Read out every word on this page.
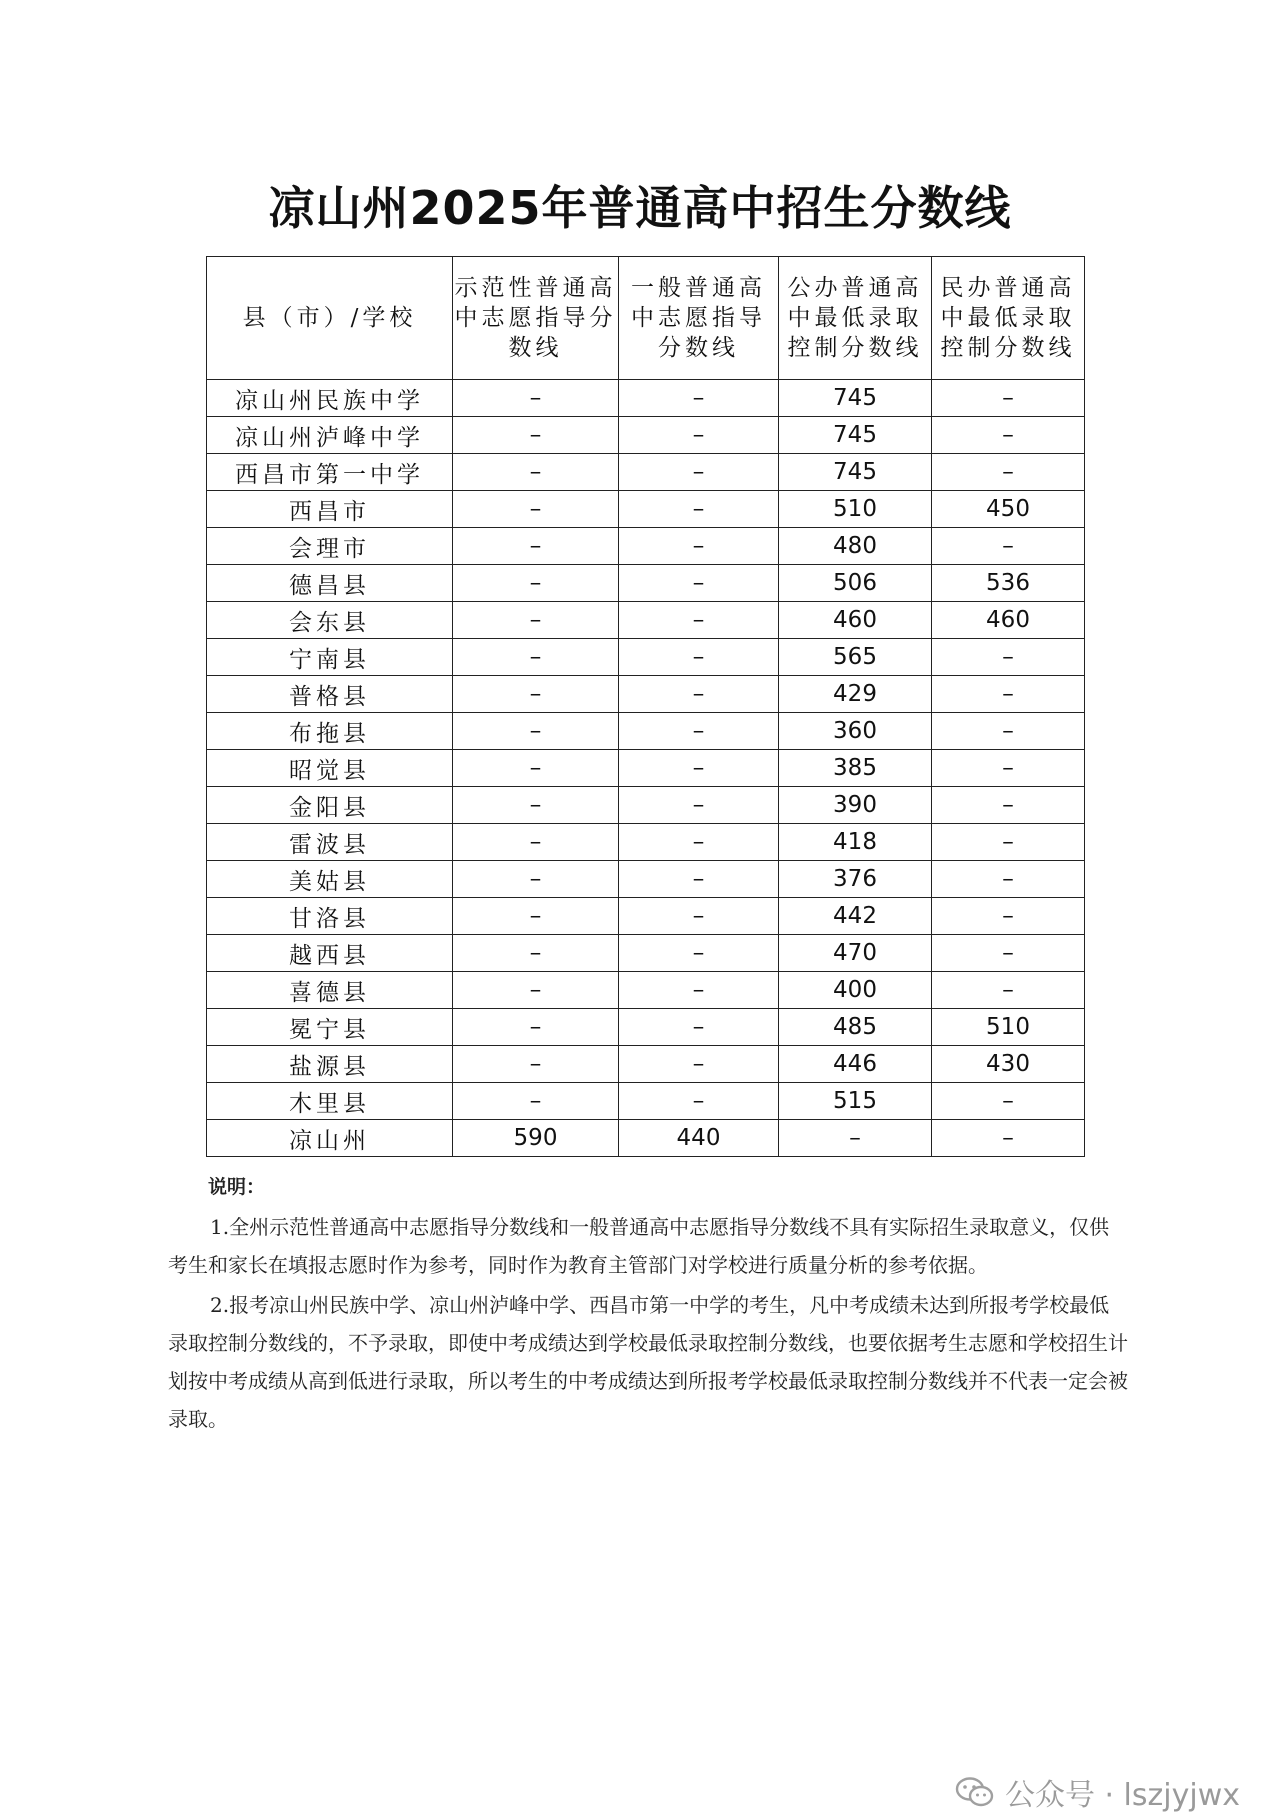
凉山州2025年普通高中招生分数线
县（市）/学校	示范性普通高中志愿指导分数线	一般普通高中志愿指导分数线	公办普通高中最低录取控制分数线	民办普通高中最低录取控制分数线
凉山州民族中学	–	–	745	–
凉山州泸峰中学	–	–	745	–
西昌市第一中学	–	–	745	–
西昌市	–	–	510	450
会理市	–	–	480	–
德昌县	–	–	506	536
会东县	–	–	460	460
宁南县	–	–	565	–
普格县	–	–	429	–
布拖县	–	–	360	–
昭觉县	–	–	385	–
金阳县	–	–	390	–
雷波县	–	–	418	–
美姑县	–	–	376	–
甘洛县	–	–	442	–
越西县	–	–	470	–
喜德县	–	–	400	–
冕宁县	–	–	485	510
盐源县	–	–	446	430
木里县	–	–	515	–
凉山州	590	440	–	–
说明：

1.全州示范性普通高中志愿指导分数线和一般普通高中志愿指导分数线不具有实际招生录取意义，仅供考生和家长在填报志愿时作为参考，同时作为教育主管部门对学校进行质量分析的参考依据。

2.报考凉山州民族中学、凉山州泸峰中学、西昌市第一中学的考生，凡中考成绩未达到所报考学校最低录取控制分数线的，不予录取，即使中考成绩达到学校最低录取控制分数线，也要依据考生志愿和学校招生计划按中考成绩从高到低进行录取，所以考生的中考成绩达到所报考学校最低录取控制分数线并不代表一定会被录取。

公众号 · lszjyjwx
